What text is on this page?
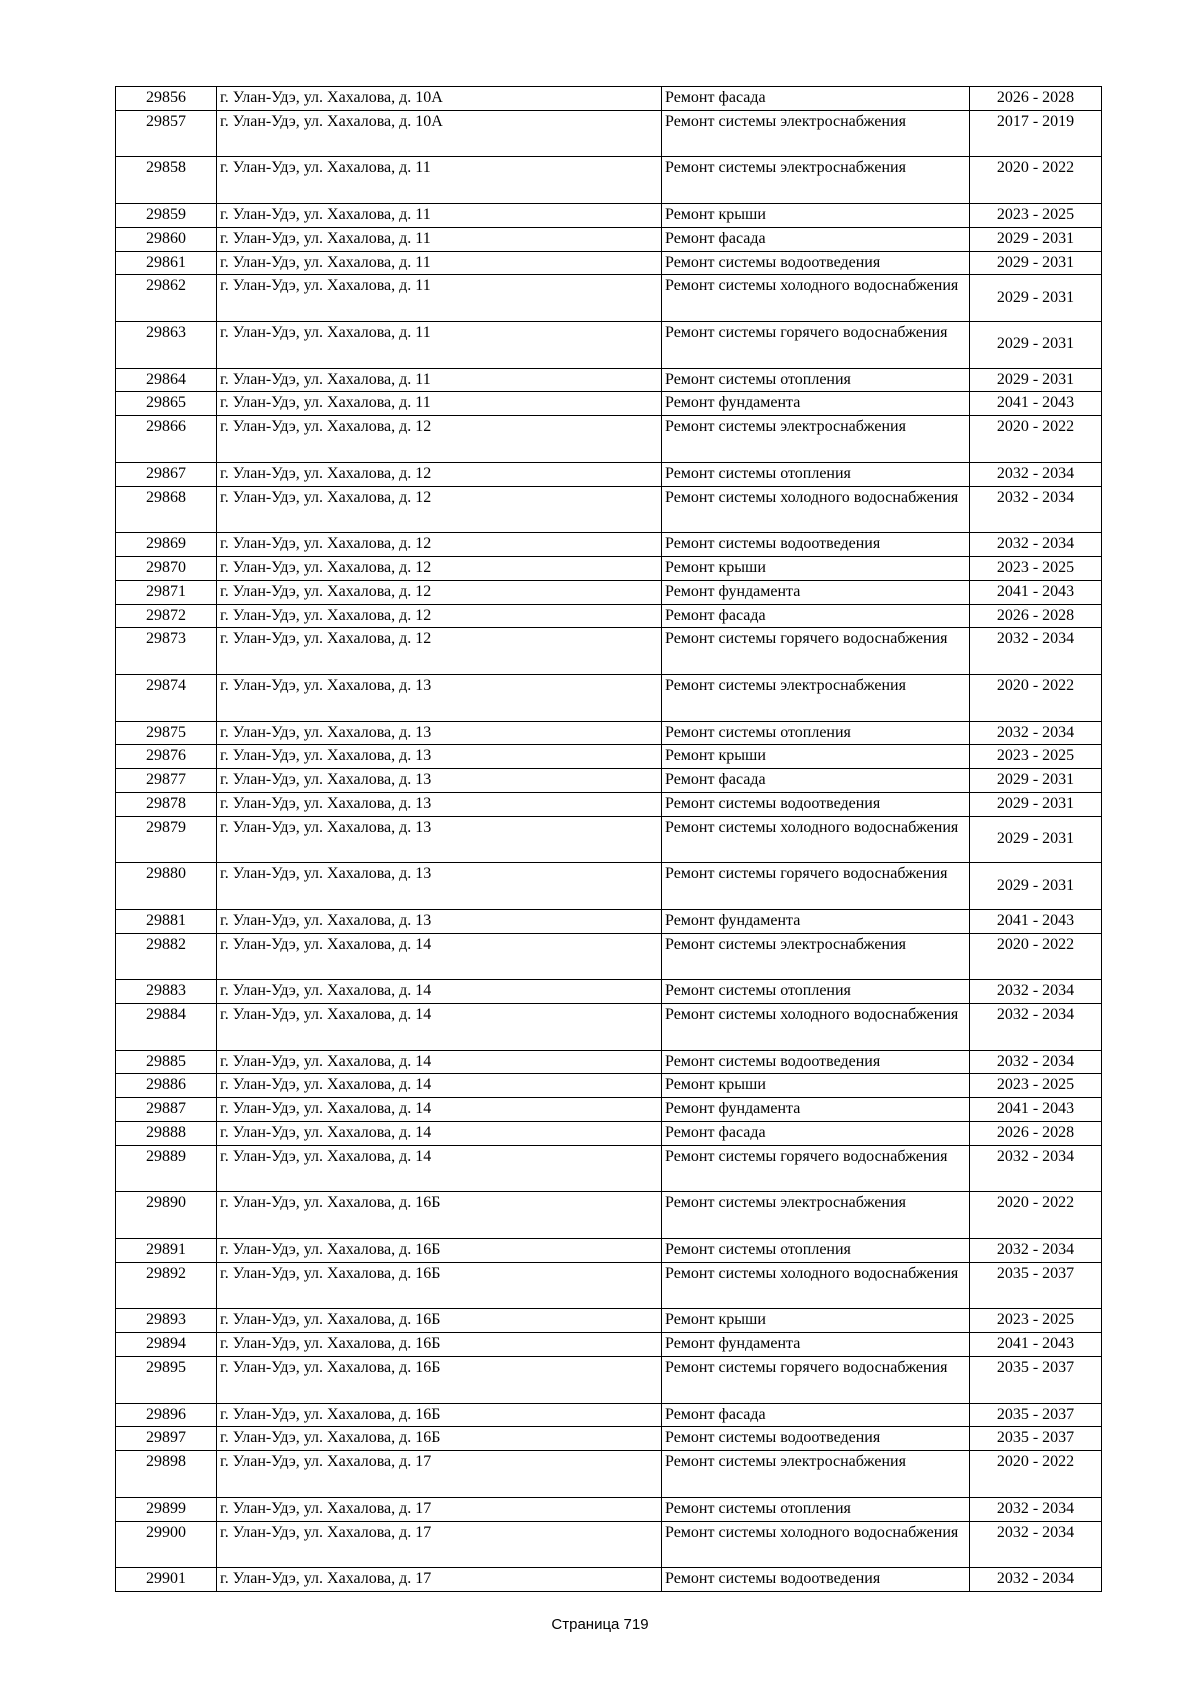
29856	г. Улан-Удэ, ул. Хахалова, д. 10А	Ремонт фасада	2026 - 2028
29857	г. Улан-Удэ, ул. Хахалова, д. 10А	Ремонт системы электроснабжения	2017 - 2019
29858	г. Улан-Удэ, ул. Хахалова, д. 11	Ремонт системы электроснабжения	2020 - 2022
29859	г. Улан-Удэ, ул. Хахалова, д. 11	Ремонт крыши	2023 - 2025
29860	г. Улан-Удэ, ул. Хахалова, д. 11	Ремонт фасада	2029 - 2031
29861	г. Улан-Удэ, ул. Хахалова, д. 11	Ремонт системы водоотведения	2029 - 2031
29862	г. Улан-Удэ, ул. Хахалова, д. 11	Ремонт системы холодного водоснабжения	2029 - 2031
29863	г. Улан-Удэ, ул. Хахалова, д. 11	Ремонт системы горячего водоснабжения	2029 - 2031
29864	г. Улан-Удэ, ул. Хахалова, д. 11	Ремонт системы отопления	2029 - 2031
29865	г. Улан-Удэ, ул. Хахалова, д. 11	Ремонт фундамента	2041 - 2043
29866	г. Улан-Удэ, ул. Хахалова, д. 12	Ремонт системы электроснабжения	2020 - 2022
29867	г. Улан-Удэ, ул. Хахалова, д. 12	Ремонт системы отопления	2032 - 2034
29868	г. Улан-Удэ, ул. Хахалова, д. 12	Ремонт системы холодного водоснабжения	2032 - 2034
29869	г. Улан-Удэ, ул. Хахалова, д. 12	Ремонт системы водоотведения	2032 - 2034
29870	г. Улан-Удэ, ул. Хахалова, д. 12	Ремонт крыши	2023 - 2025
29871	г. Улан-Удэ, ул. Хахалова, д. 12	Ремонт фундамента	2041 - 2043
29872	г. Улан-Удэ, ул. Хахалова, д. 12	Ремонт фасада	2026 - 2028
29873	г. Улан-Удэ, ул. Хахалова, д. 12	Ремонт системы горячего водоснабжения	2032 - 2034
29874	г. Улан-Удэ, ул. Хахалова, д. 13	Ремонт системы электроснабжения	2020 - 2022
29875	г. Улан-Удэ, ул. Хахалова, д. 13	Ремонт системы отопления	2032 - 2034
29876	г. Улан-Удэ, ул. Хахалова, д. 13	Ремонт крыши	2023 - 2025
29877	г. Улан-Удэ, ул. Хахалова, д. 13	Ремонт фасада	2029 - 2031
29878	г. Улан-Удэ, ул. Хахалова, д. 13	Ремонт системы водоотведения	2029 - 2031
29879	г. Улан-Удэ, ул. Хахалова, д. 13	Ремонт системы холодного водоснабжения	2029 - 2031
29880	г. Улан-Удэ, ул. Хахалова, д. 13	Ремонт системы горячего водоснабжения	2029 - 2031
29881	г. Улан-Удэ, ул. Хахалова, д. 13	Ремонт фундамента	2041 - 2043
29882	г. Улан-Удэ, ул. Хахалова, д. 14	Ремонт системы электроснабжения	2020 - 2022
29883	г. Улан-Удэ, ул. Хахалова, д. 14	Ремонт системы отопления	2032 - 2034
29884	г. Улан-Удэ, ул. Хахалова, д. 14	Ремонт системы холодного водоснабжения	2032 - 2034
29885	г. Улан-Удэ, ул. Хахалова, д. 14	Ремонт системы водоотведения	2032 - 2034
29886	г. Улан-Удэ, ул. Хахалова, д. 14	Ремонт крыши	2023 - 2025
29887	г. Улан-Удэ, ул. Хахалова, д. 14	Ремонт фундамента	2041 - 2043
29888	г. Улан-Удэ, ул. Хахалова, д. 14	Ремонт фасада	2026 - 2028
29889	г. Улан-Удэ, ул. Хахалова, д. 14	Ремонт системы горячего водоснабжения	2032 - 2034
29890	г. Улан-Удэ, ул. Хахалова, д. 16Б	Ремонт системы электроснабжения	2020 - 2022
29891	г. Улан-Удэ, ул. Хахалова, д. 16Б	Ремонт системы отопления	2032 - 2034
29892	г. Улан-Удэ, ул. Хахалова, д. 16Б	Ремонт системы холодного водоснабжения	2035 - 2037
29893	г. Улан-Удэ, ул. Хахалова, д. 16Б	Ремонт крыши	2023 - 2025
29894	г. Улан-Удэ, ул. Хахалова, д. 16Б	Ремонт фундамента	2041 - 2043
29895	г. Улан-Удэ, ул. Хахалова, д. 16Б	Ремонт системы горячего водоснабжения	2035 - 2037
29896	г. Улан-Удэ, ул. Хахалова, д. 16Б	Ремонт фасада	2035 - 2037
29897	г. Улан-Удэ, ул. Хахалова, д. 16Б	Ремонт системы водоотведения	2035 - 2037
29898	г. Улан-Удэ, ул. Хахалова, д. 17	Ремонт системы электроснабжения	2020 - 2022
29899	г. Улан-Удэ, ул. Хахалова, д. 17	Ремонт системы отопления	2032 - 2034
29900	г. Улан-Удэ, ул. Хахалова, д. 17	Ремонт системы холодного водоснабжения	2032 - 2034
29901	г. Улан-Удэ, ул. Хахалова, д. 17	Ремонт системы водоотведения	2032 - 2034
Страница 719
